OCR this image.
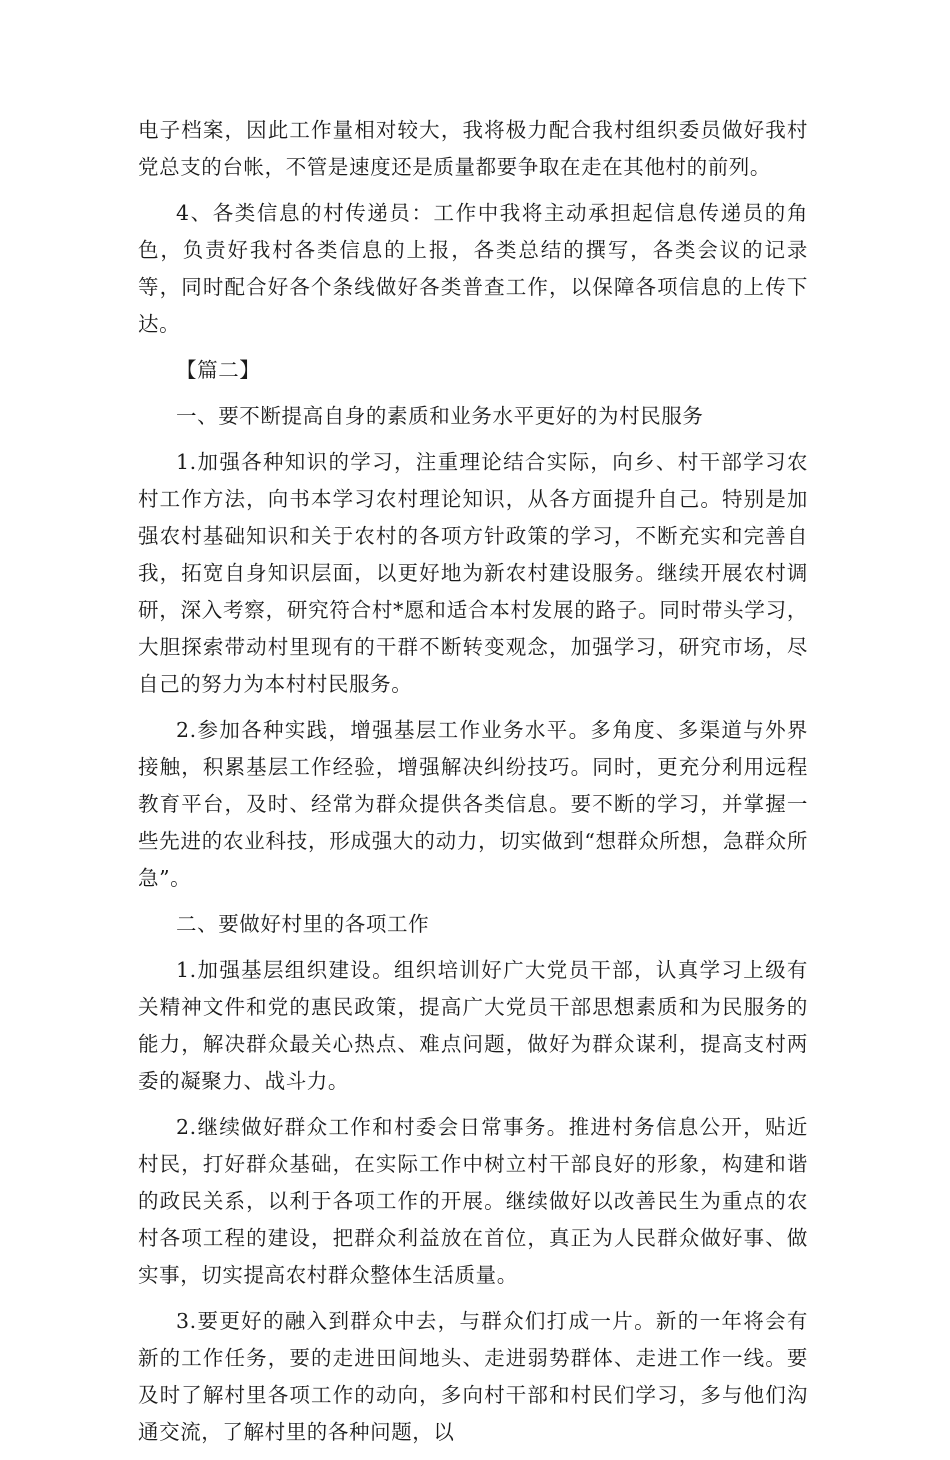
电子档案，因此工作量相对较大，我将极力配合我村组织委员做好我村党总支的台帐，不管是速度还是质量都要争取在走在其他村的前列。

4、各类信息的村传递员：工作中我将主动承担起信息传递员的角色，负责好我村各类信息的上报，各类总结的撰写，各类会议的记录等，同时配合好各个条线做好各类普查工作，以保障各项信息的上传下达。

【篇二】

一、要不断提高自身的素质和业务水平更好的为村民服务

1.加强各种知识的学习，注重理论结合实际，向乡、村干部学习农村工作方法，向书本学习农村理论知识，从各方面提升自己。特别是加强农村基础知识和关于农村的各项方针政策的学习，不断充实和完善自我，拓宽自身知识层面，以更好地为新农村建设服务。继续开展农村调研，深入考察，研究符合村*愿和适合本村发展的路子。同时带头学习，大胆探索带动村里现有的干群不断转变观念，加强学习，研究市场，尽自己的努力为本村村民服务。

2.参加各种实践，增强基层工作业务水平。多角度、多渠道与外界接触，积累基层工作经验，增强解决纠纷技巧。同时，更充分利用远程教育平台，及时、经常为群众提供各类信息。要不断的学习，并掌握一些先进的农业科技，形成强大的动力，切实做到“想群众所想，急群众所急”。

二、要做好村里的各项工作

1.加强基层组织建设。组织培训好广大党员干部，认真学习上级有关精神文件和党的惠民政策，提高广大党员干部思想素质和为民服务的能力，解决群众最关心热点、难点问题，做好为群众谋利，提高支村两委的凝聚力、战斗力。

2.继续做好群众工作和村委会日常事务。推进村务信息公开，贴近村民，打好群众基础，在实际工作中树立村干部良好的形象，构建和谐的政民关系，以利于各项工作的开展。继续做好以改善民生为重点的农村各项工程的建设，把群众利益放在首位，真正为人民群众做好事、做实事，切实提高农村群众整体生活质量。

3.要更好的融入到群众中去，与群众们打成一片。新的一年将会有新的工作任务，要的走进田间地头、走进弱势群体、走进工作一线。要及时了解村里各项工作的动向，多向村干部和村民们学习，多与他们沟通交流，了解村里的各种问题，以
